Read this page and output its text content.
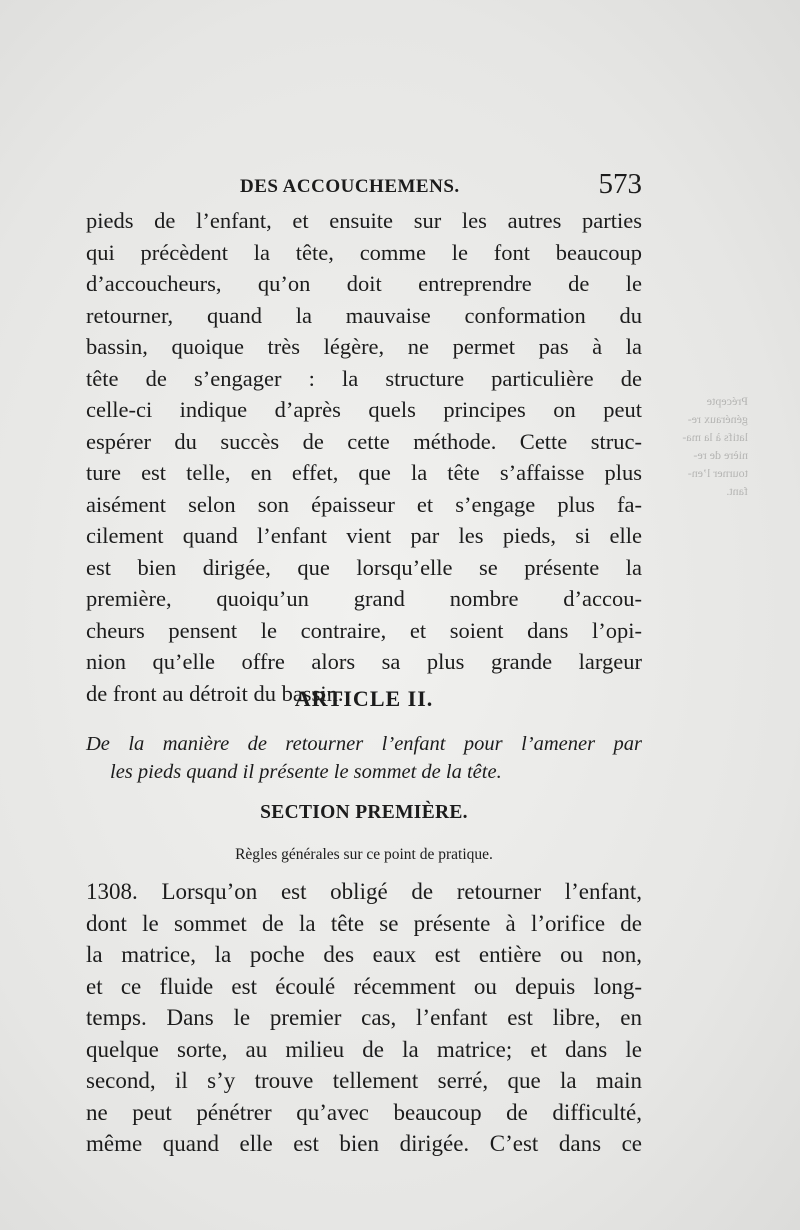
Précepte
généraux re-
latifs à la ma-
nière de re-
tourner l’en-
fant.
DES ACCOUCHEMENS.	573
pieds de l’enfant, et ensuite sur les autres parties
qui précèdent la tête, comme le font beaucoup
d’accoucheurs, qu’on doit entreprendre de le
retourner, quand la mauvaise conformation du
bassin, quoique très légère, ne permet pas à la
tête de s’engager : la structure particulière de
celle-ci indique d’après quels principes on peut
espérer du succès de cette méthode. Cette struc-
ture est telle, en effet, que la tête s’affaisse plus
aisément selon son épaisseur et s’engage plus fa-
cilement quand l’enfant vient par les pieds, si elle
est bien dirigée, que lorsqu’elle se présente la
première, quoiqu’un grand nombre d’accou-
cheurs pensent le contraire, et soient dans l’opi-
nion qu’elle offre alors sa plus grande largeur
de front au détroit du bassin.
ARTICLE II.
De la manière de retourner l’enfant pour l’amener par
les pieds quand il présente le sommet de la tête.
SECTION PREMIÈRE.
Règles générales sur ce point de pratique.
1308. Lorsqu’on est obligé de retourner l’enfant,
dont le sommet de la tête se présente à l’orifice de
la matrice, la poche des eaux est entière ou non,
et ce fluide est écoulé récemment ou depuis long-
temps. Dans le premier cas, l’enfant est libre, en
quelque sorte, au milieu de la matrice; et dans le
second, il s’y trouve tellement serré, que la main
ne peut pénétrer qu’avec beaucoup de difficulté,
même quand elle est bien dirigée. C’est dans ce
